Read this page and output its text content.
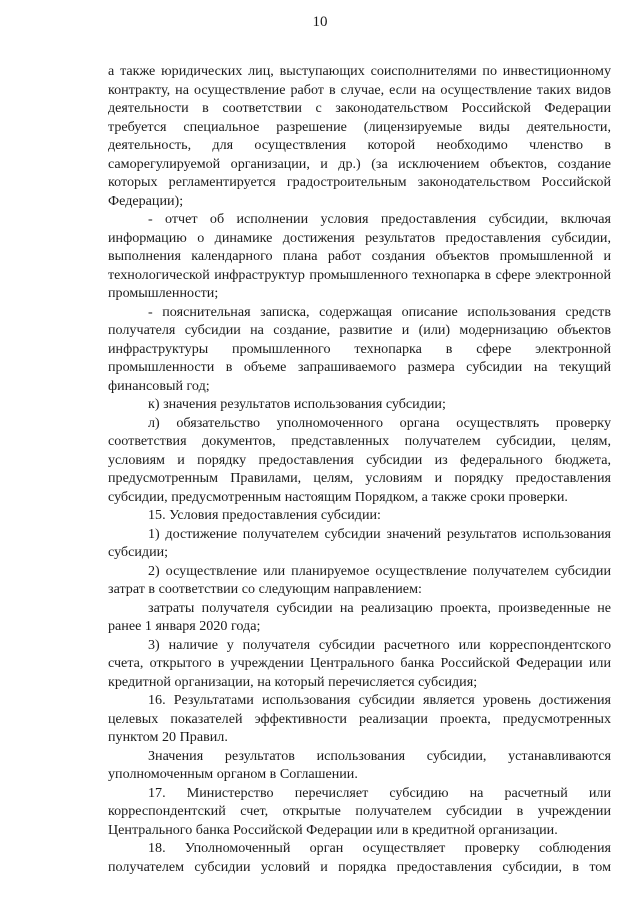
10

а также юридических лиц, выступающих соисполнителями по инвестиционному контракту, на осуществление работ в случае, если на осуществление таких видов деятельности в соответствии с законодательством Российской Федерации требуется специальное разрешение (лицензируемые виды деятельности, деятельность, для осуществления которой необходимо членство в саморегулируемой организации, и др.) (за исключением объектов, создание которых регламентируется градостроительным законодательством Российской Федерации);

- отчет об исполнении условия предоставления субсидии, включая информацию о динамике достижения результатов предоставления субсидии, выполнения календарного плана работ создания объектов промышленной и технологической инфраструктур промышленного технопарка в сфере электронной промышленности;

- пояснительная записка, содержащая описание использования средств получателя субсидии на создание, развитие и (или) модернизацию объектов инфраструктуры промышленного технопарка в сфере электронной промышленности в объеме запрашиваемого размера субсидии на текущий финансовый год;

к) значения результатов использования субсидии;

л) обязательство уполномоченного органа осуществлять проверку соответствия документов, представленных получателем субсидии, целям, условиям и порядку предоставления субсидии из федерального бюджета, предусмотренным Правилами, целям, условиям и порядку предоставления субсидии, предусмотренным настоящим Порядком, а также сроки проверки.

15. Условия предоставления субсидии:

1) достижение получателем субсидии значений результатов использования субсидии;

2) осуществление или планируемое осуществление получателем субсидии затрат в соответствии со следующим направлением:

затраты получателя субсидии на реализацию проекта, произведенные не ранее 1 января 2020 года;

3) наличие у получателя субсидии расчетного или корреспондентского счета, открытого в учреждении Центрального банка Российской Федерации или кредитной организации, на который перечисляется субсидия;

16. Результатами использования субсидии является уровень достижения целевых показателей эффективности реализации проекта, предусмотренных пунктом 20 Правил.

Значения результатов использования субсидии, устанавливаются уполномоченным органом в Соглашении.

17. Министерство перечисляет субсидию на расчетный или корреспондентский счет, открытые получателем субсидии в учреждении Центрального банка Российской Федерации или в кредитной организации.

18. Уполномоченный орган осуществляет проверку соблюдения получателем субсидии условий и порядка предоставления субсидии, в том
